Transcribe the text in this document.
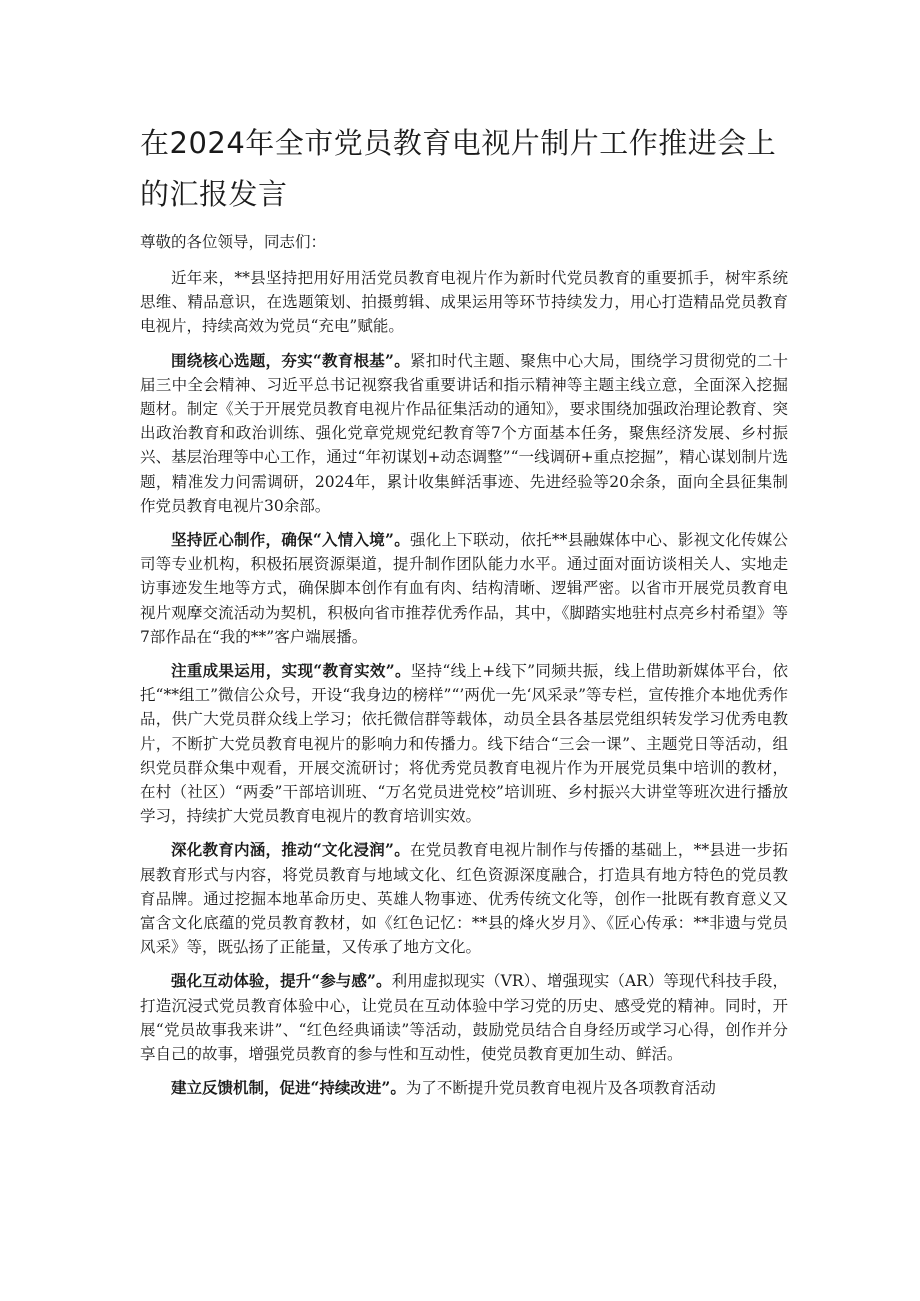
在2024年全市党员教育电视片制片工作推进会上的汇报发言

尊敬的各位领导，同志们：

近年来，**县坚持把用好用活党员教育电视片作为新时代党员教育的重要抓手，树牢系统思维、精品意识，在选题策划、拍摄剪辑、成果运用等环节持续发力，用心打造精品党员教育电视片，持续高效为党员“充电”赋能。

围绕核心选题，夯实“教育根基”。紧扣时代主题、聚焦中心大局，围绕学习贯彻党的二十届三中全会精神、习近平总书记视察我省重要讲话和指示精神等主题主线立意，全面深入挖掘题材。制定《关于开展党员教育电视片作品征集活动的通知》，要求围绕加强政治理论教育、突出政治教育和政治训练、强化党章党规党纪教育等7个方面基本任务，聚焦经济发展、乡村振兴、基层治理等中心工作，通过“年初谋划+动态调整”“一线调研+重点挖掘”，精心谋划制片选题，精准发力问需调研，2024年，累计收集鲜活事迹、先进经验等20余条，面向全县征集制作党员教育电视片30余部。

坚持匠心制作，确保“入情入境”。强化上下联动，依托**县融媒体中心、影视文化传媒公司等专业机构，积极拓展资源渠道，提升制作团队能力水平。通过面对面访谈相关人、实地走访事迹发生地等方式，确保脚本创作有血有肉、结构清晰、逻辑严密。以省市开展党员教育电视片观摩交流活动为契机，积极向省市推荐优秀作品，其中，《脚踏实地驻村点亮乡村希望》等7部作品在“我的**”客户端展播。

注重成果运用，实现“教育实效”。坚持“线上+线下”同频共振，线上借助新媒体平台，依托“**组工”微信公众号，开设“我身边的榜样”“’两优一先‘风采录”等专栏，宣传推介本地优秀作品，供广大党员群众线上学习；依托微信群等载体，动员全县各基层党组织转发学习优秀电教片，不断扩大党员教育电视片的影响力和传播力。线下结合“三会一课”、主题党日等活动，组织党员群众集中观看，开展交流研讨；将优秀党员教育电视片作为开展党员集中培训的教材，在村（社区）“两委”干部培训班、“万名党员进党校”培训班、乡村振兴大讲堂等班次进行播放学习，持续扩大党员教育电视片的教育培训实效。

深化教育内涵，推动“文化浸润”。在党员教育电视片制作与传播的基础上，**县进一步拓展教育形式与内容，将党员教育与地域文化、红色资源深度融合，打造具有地方特色的党员教育品牌。通过挖掘本地革命历史、英雄人物事迹、优秀传统文化等，创作一批既有教育意义又富含文化底蕴的党员教育教材，如《红色记忆：**县的烽火岁月》、《匠心传承：**非遗与党员风采》等，既弘扬了正能量，又传承了地方文化。

强化互动体验，提升“参与感”。利用虚拟现实（VR）、增强现实（AR）等现代科技手段，打造沉浸式党员教育体验中心，让党员在互动体验中学习党的历史、感受党的精神。同时，开展“党员故事我来讲”、“红色经典诵读”等活动，鼓励党员结合自身经历或学习心得，创作并分享自己的故事，增强党员教育的参与性和互动性，使党员教育更加生动、鲜活。

建立反馈机制，促进“持续改进”。为了不断提升党员教育电视片及各项教育活动
